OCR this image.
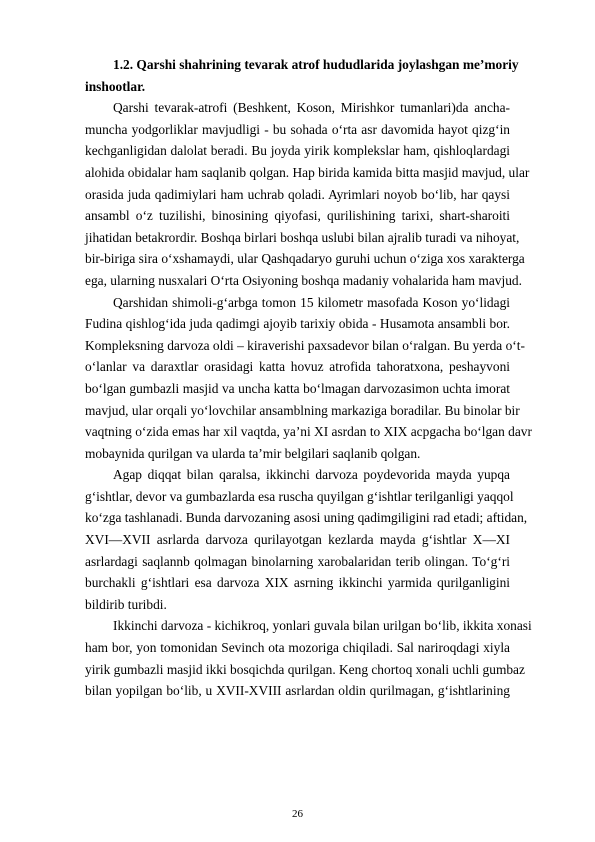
1.2. Qarshi shahrining tevarak atrof hududlarida joylashgan me’moriy
inshootlar.
Qarshi tevarak-atrofi (Beshkent, Koson, Mirishkor tumanlari)da ancha-
muncha yodgorliklar mavjudligi - bu sohada o‘rta asr davomida hayot qizg‘in
kechganligidan dalolat beradi. Bu joyda yirik komplekslar ham, qishloqlardagi
alohida obidalar ham saqlanib qolgan. Hap birida kamida bitta masjid mavjud, ular
orasida juda qadimiylari ham uchrab qoladi. Ayrimlari noyob bo‘lib, har qaysi
ansambl o‘z tuzilishi, binosining qiyofasi, qurilishining tarixi, shart-sharoiti
jihatidan betakrordir. Boshqa birlari boshqa uslubi bilan ajralib turadi va nihoyat,
bir-biriga sira o‘xshamaydi, ular Qashqadaryo guruhi uchun o‘ziga xos xarakterga
ega, ularning nusxalari O‘rta Osiyoning boshqa madaniy vohalarida ham mavjud.
Qarshidan shimoli-g‘arbga tomon 15 kilometr masofada Koson yo‘lidagi
Fudina qishlog‘ida juda qadimgi ajoyib tarixiy obida - Husamota ansambli bor.
Kompleksning darvoza oldi – kiraverishi paxsadevor bilan o‘ralgan. Bu yerda o‘t-
o‘lanlar va daraxtlar orasidagi katta hovuz atrofida tahoratxona, peshayvoni
bo‘lgan gumbazli masjid va uncha katta bo‘lmagan darvozasimon uchta imorat
mavjud, ular orqali yo‘lovchilar ansamblning markaziga boradilar. Bu binolar bir
vaqtning o‘zida emas har xil vaqtda, ya’ni XI asrdan to XIX acpgacha bo‘lgan davr
mobaynida qurilgan va ularda ta’mir belgilari saqlanib qolgan.
Agap diqqat bilan qaralsa, ikkinchi darvoza poydevorida mayda yupqa
g‘ishtlar, devor va gumbazlarda esa ruscha quyilgan g‘ishtlar terilganligi yaqqol
ko‘zga tashlanadi. Bunda darvozaning asosi uning qadimgiligini rad etadi; aftidan,
XVI—XVII asrlarda darvoza qurilayotgan kezlarda mayda g‘ishtlar X—XI
asrlardagi saqlannb qolmagan binolarning xarobalaridan terib olingan. To‘g‘ri
burchakli g‘ishtlari esa darvoza XIX asrning ikkinchi yarmida qurilganligini
bildirib turibdi.
Ikkinchi darvoza - kichikroq, yonlari guvala bilan urilgan bo‘lib, ikkita xonasi
ham bor, yon tomonidan Sevinch ota mozoriga chiqiladi. Sal nariroqdagi xiyla
yirik gumbazli masjid ikki bosqichda qurilgan. Keng chortoq xonali uchli gumbaz
bilan yopilgan bo‘lib, u XVII-XVIII asrlardan oldin qurilmagan, g‘ishtlarining
26
